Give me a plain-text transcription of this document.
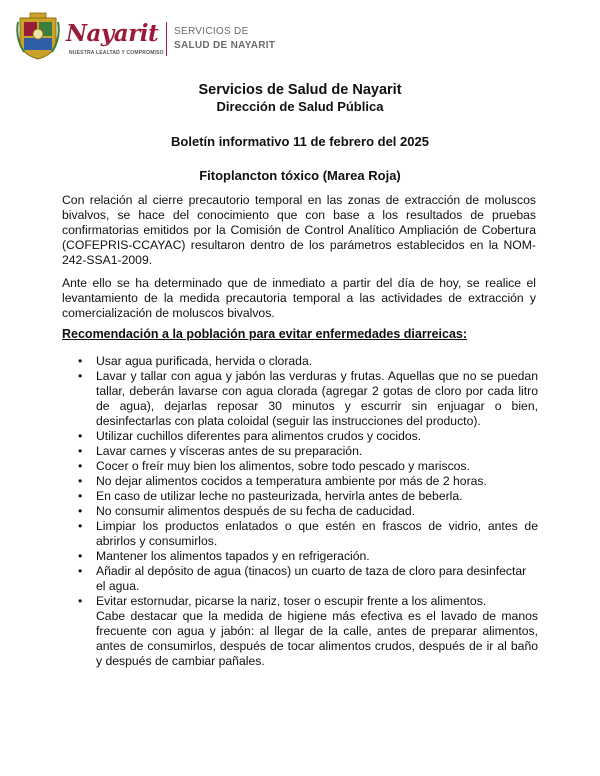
Nayarit
NUESTRA LEALTAD Y COMPROMISO
SERVICIOS DE
SALUD DE NAYARIT
Servicios de Salud de Nayarit
Dirección de Salud Pública
Boletín informativo 11 de febrero del 2025
Fitoplancton tóxico (Marea Roja)

Con relación al cierre precautorio temporal en las zonas de extracción de moluscos bivalvos, se hace del conocimiento que con base a los resultados de pruebas confirmatorias emitidos por la Comisión de Control Analítico Ampliación de Cobertura (COFEPRIS-CCAYAC) resultaron dentro de los parámetros establecidos en la NOM-242-SSA1-2009.

Ante ello se ha determinado que de inmediato a partir del día de hoy, se realice el levantamiento de la medida precautoria temporal a las actividades de extracción y comercialización de moluscos bivalvos.

Recomendación a la población para evitar enfermedades diarreicas:
• Usar agua purificada, hervida o clorada.
• Lavar y tallar con agua y jabón las verduras y frutas. Aquellas que no se puedan tallar, deberán lavarse con agua clorada (agregar 2 gotas de cloro por cada litro de agua), dejarlas reposar 30 minutos y escurrir sin enjuagar o bien, desinfectarlas con plata coloidal (seguir las instrucciones del producto).
• Utilizar cuchillos diferentes para alimentos crudos y cocidos.
• Lavar carnes y vísceras antes de su preparación.
• Cocer o freír muy bien los alimentos, sobre todo pescado y mariscos.
• No dejar alimentos cocidos a temperatura ambiente por más de 2 horas.
• En caso de utilizar leche no pasteurizada, hervirla antes de beberla.
• No consumir alimentos después de su fecha de caducidad.
• Limpiar los productos enlatados o que estén en frascos de vidrio, antes de abrirlos y consumirlos.
• Mantener los alimentos tapados y en refrigeración.
• Añadir al depósito de agua (tinacos) un cuarto de taza de cloro para desinfectar el agua.
• Evitar estornudar, picarse la nariz, toser o escupir frente a los alimentos.
Cabe destacar que la medida de higiene más efectiva es el lavado de manos frecuente con agua y jabón: al llegar de la calle, antes de preparar alimentos, antes de consumirlos, después de tocar alimentos crudos, después de ir al baño y después de cambiar pañales.
